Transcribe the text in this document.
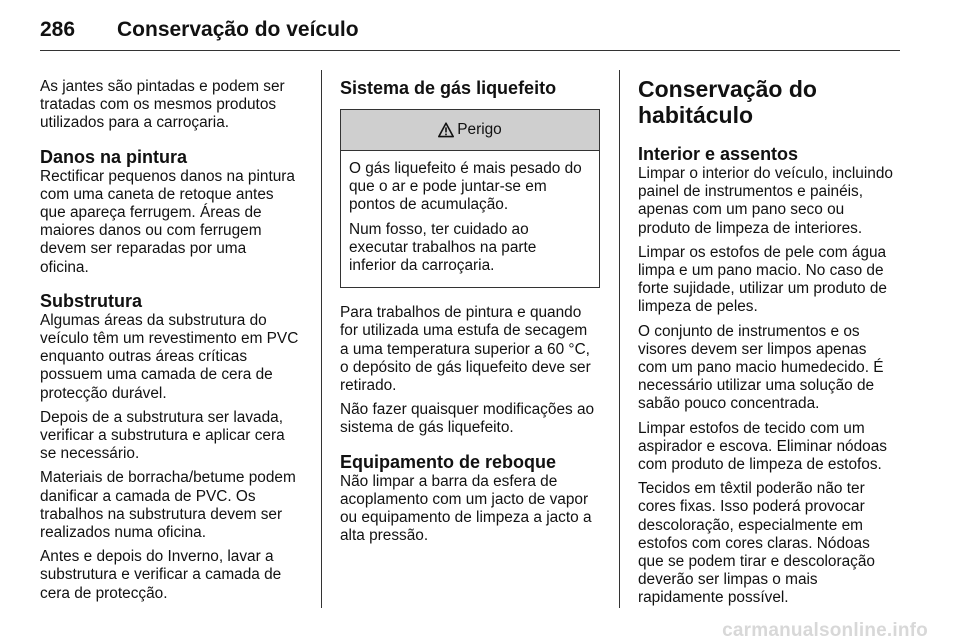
286 Conservação do veículo

As jantes são pintadas e podem ser
tratadas com os mesmos produtos
utilizados para a carroçaria.

Danos na pintura

Rectificar pequenos danos na pintura
com uma caneta de retoque antes
que apareça ferrugem. Áreas de
maiores danos ou com ferrugem
devem ser reparadas por uma
oficina.

Substrutura

Algumas áreas da substrutura do
veículo têm um revestimento em PVC
enquanto outras áreas críticas
possuem uma camada de cera de
protecção durável.

Depois de a substrutura ser lavada,
verificar a substrutura e aplicar cera
se necessário.

Materiais de borracha/betume podem
danificar a camada de PVC. Os
trabalhos na substrutura devem ser
realizados numa oficina.

Antes e depois do Inverno, lavar a
substrutura e verificar a camada de
cera de protecção.

Sistema de gás liquefeito
Perigo

O gás liquefeito é mais pesado do
que o ar e pode juntar-se em
pontos de acumulação.

Num fosso, ter cuidado ao
executar trabalhos na parte
inferior da carroçaria.

Para trabalhos de pintura e quando
for utilizada uma estufa de secagem
a uma temperatura superior a 60 °C,
o depósito de gás liquefeito deve ser
retirado.

Não fazer quaisquer modificações ao
sistema de gás liquefeito.

Equipamento de reboque

Não limpar a barra da esfera de
acoplamento com um jacto de vapor
ou equipamento de limpeza a jacto a
alta pressão.

Conservação do
habitáculo
Interior e assentos

Limpar o interior do veículo, incluindo
painel de instrumentos e painéis,
apenas com um pano seco ou
produto de limpeza de interiores.

Limpar os estofos de pele com água
limpa e um pano macio. No caso de
forte sujidade, utilizar um produto de
limpeza de peles.

O conjunto de instrumentos e os
visores devem ser limpos apenas
com um pano macio humedecido. É
necessário utilizar uma solução de
sabão pouco concentrada.

Limpar estofos de tecido com um
aspirador e escova. Eliminar nódoas
com produto de limpeza de estofos.

Tecidos em têxtil poderão não ter
cores fixas. Isso poderá provocar
descoloração, especialmente em
estofos com cores claras. Nódoas
que se podem tirar e descoloração
deverão ser limpas o mais
rapidamente possível.

carmanualsonline.info
